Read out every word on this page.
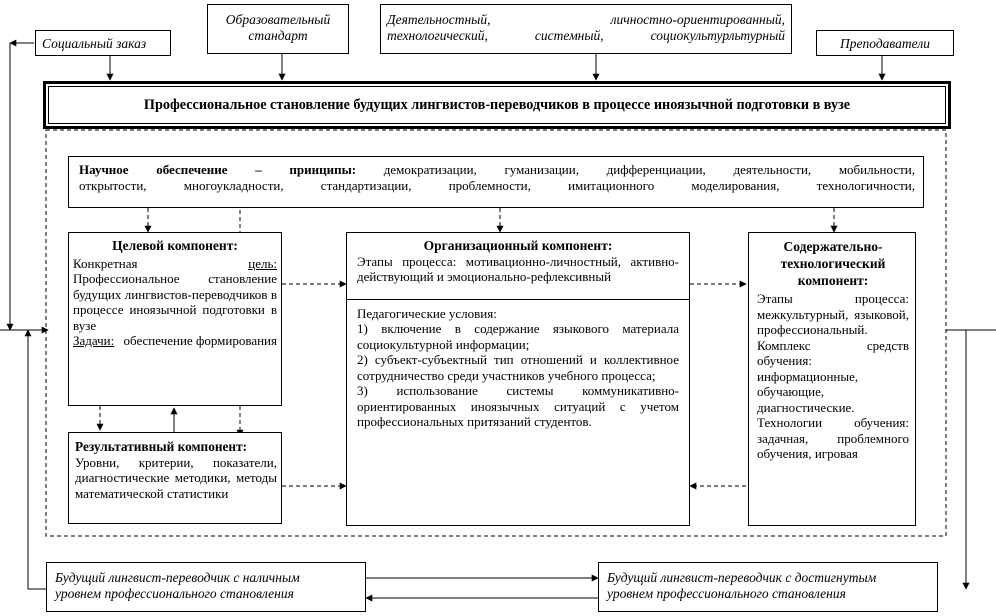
Социальный заказ
Образовательный
стандарт
Деятельностный, личностно-ориентированный,
технологический, системный, социокультурльтурный
Преподаватели
Профессиональное становление будущих лингвистов-переводчиков в процессе иноязычной подготовки в вузе
Научное обеспечение – принципы: демократизации, гуманизации, дифференциации, деятельности, мобильности,
открытости, многоукладности, стандартизации, проблемности, имитационного моделирования, технологичности,
Целевой компонент:
Конкретная	цель:

Профессиональное становление будущих лингвистов-переводчиков в процессе иноязычной подготовки в вузе

Задачи: обеспечение формирования
Результативный компонент:

Уровни, критерии, показатели, диагностические методики, методы математической статистики

Организационный компонент:

Этапы процесса: мотивационно-личностный, активно-действующий и эмоционально-рефлексивный

Педагогические условия:

1) включение в содержание языкового материала социокультурной информации;

2) субъект-субъектный тип отношений и коллективное сотрудничество среди участников учебного процесса;

3) использование системы коммуникативно-ориентированных иноязычных ситуаций с учетом профессиональных притязаний студентов.

Содержательно-технологический компонент:

Этапы процесса: межкультурный, языковой, профессиональный.

Комплекс средств обучения: информационные, обучающие, диагностические.

Технологии обучения: задачная, проблемного обучения, игровая

Будущий лингвист-переводчик с наличным
уровнем профессионального становления
Будущий лингвист-переводчик с достигнутым
уровнем профессионального становления
